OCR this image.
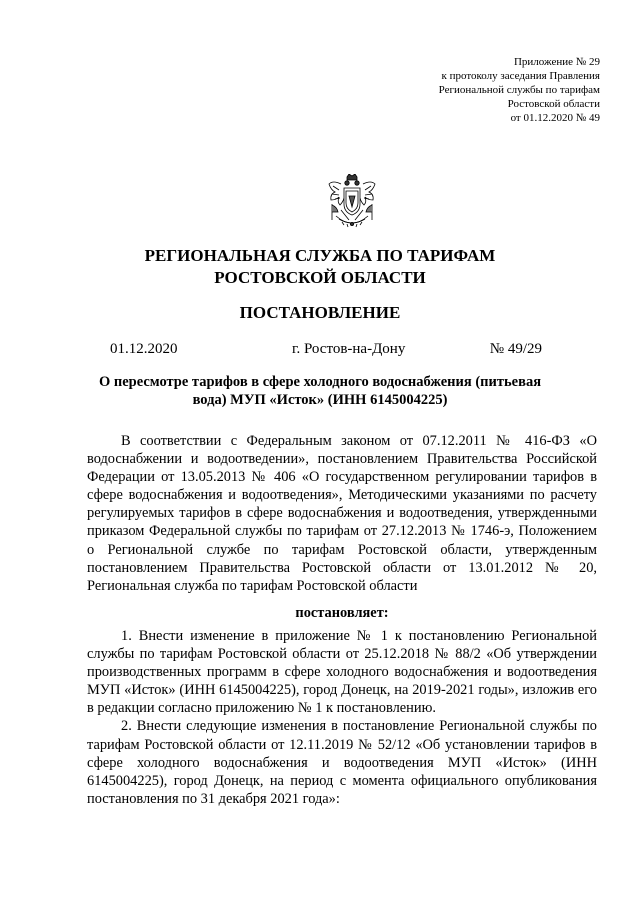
Приложение № 29
к протоколу заседания Правления
Региональной службы по тарифам
Ростовской области
от 01.12.2020 № 49
РЕГИОНАЛЬНАЯ СЛУЖБА ПО ТАРИФАМ
РОСТОВСКОЙ ОБЛАСТИ
ПОСТАНОВЛЕНИЕ
01.12.2020	г. Ростов-на-Дону	№ 49/29
О пересмотре тарифов в сфере холодного водоснабжения (питьевая вода) МУП «Исток» (ИНН 6145004225)

В соответствии с Федеральным законом от 07.12.2011 № 416-ФЗ «О водоснабжении и водоотведении», постановлением Правительства Российской Федерации от 13.05.2013 № 406 «О государственном регулировании тарифов в сфере водоснабжения и водоотведения», Методическими указаниями по расчету регулируемых тарифов в сфере водоснабжения и водоотведения, утвержденными приказом Федеральной службы по тарифам от 27.12.2013 № 1746-э, Положением о Региональной службе по тарифам Ростовской области, утвержденным постановлением Правительства Ростовской области от 13.01.2012 № 20, Региональная служба по тарифам Ростовской области

постановляет:

1. Внести изменение в приложение № 1 к постановлению Региональной службы по тарифам Ростовской области от 25.12.2018 № 88/2 «Об утверждении производственных программ в сфере холодного водоснабжения и водоотведения МУП «Исток» (ИНН 6145004225), город Донецк, на 2019-2021 годы», изложив его в редакции согласно приложению № 1 к постановлению.

2. Внести следующие изменения в постановление Региональной службы по тарифам Ростовской области от 12.11.2019 № 52/12 «Об установлении тарифов в сфере холодного водоснабжения и водоотведения МУП «Исток» (ИНН 6145004225), город Донецк, на период с момента официального опубликования постановления по 31 декабря 2021 года»:
